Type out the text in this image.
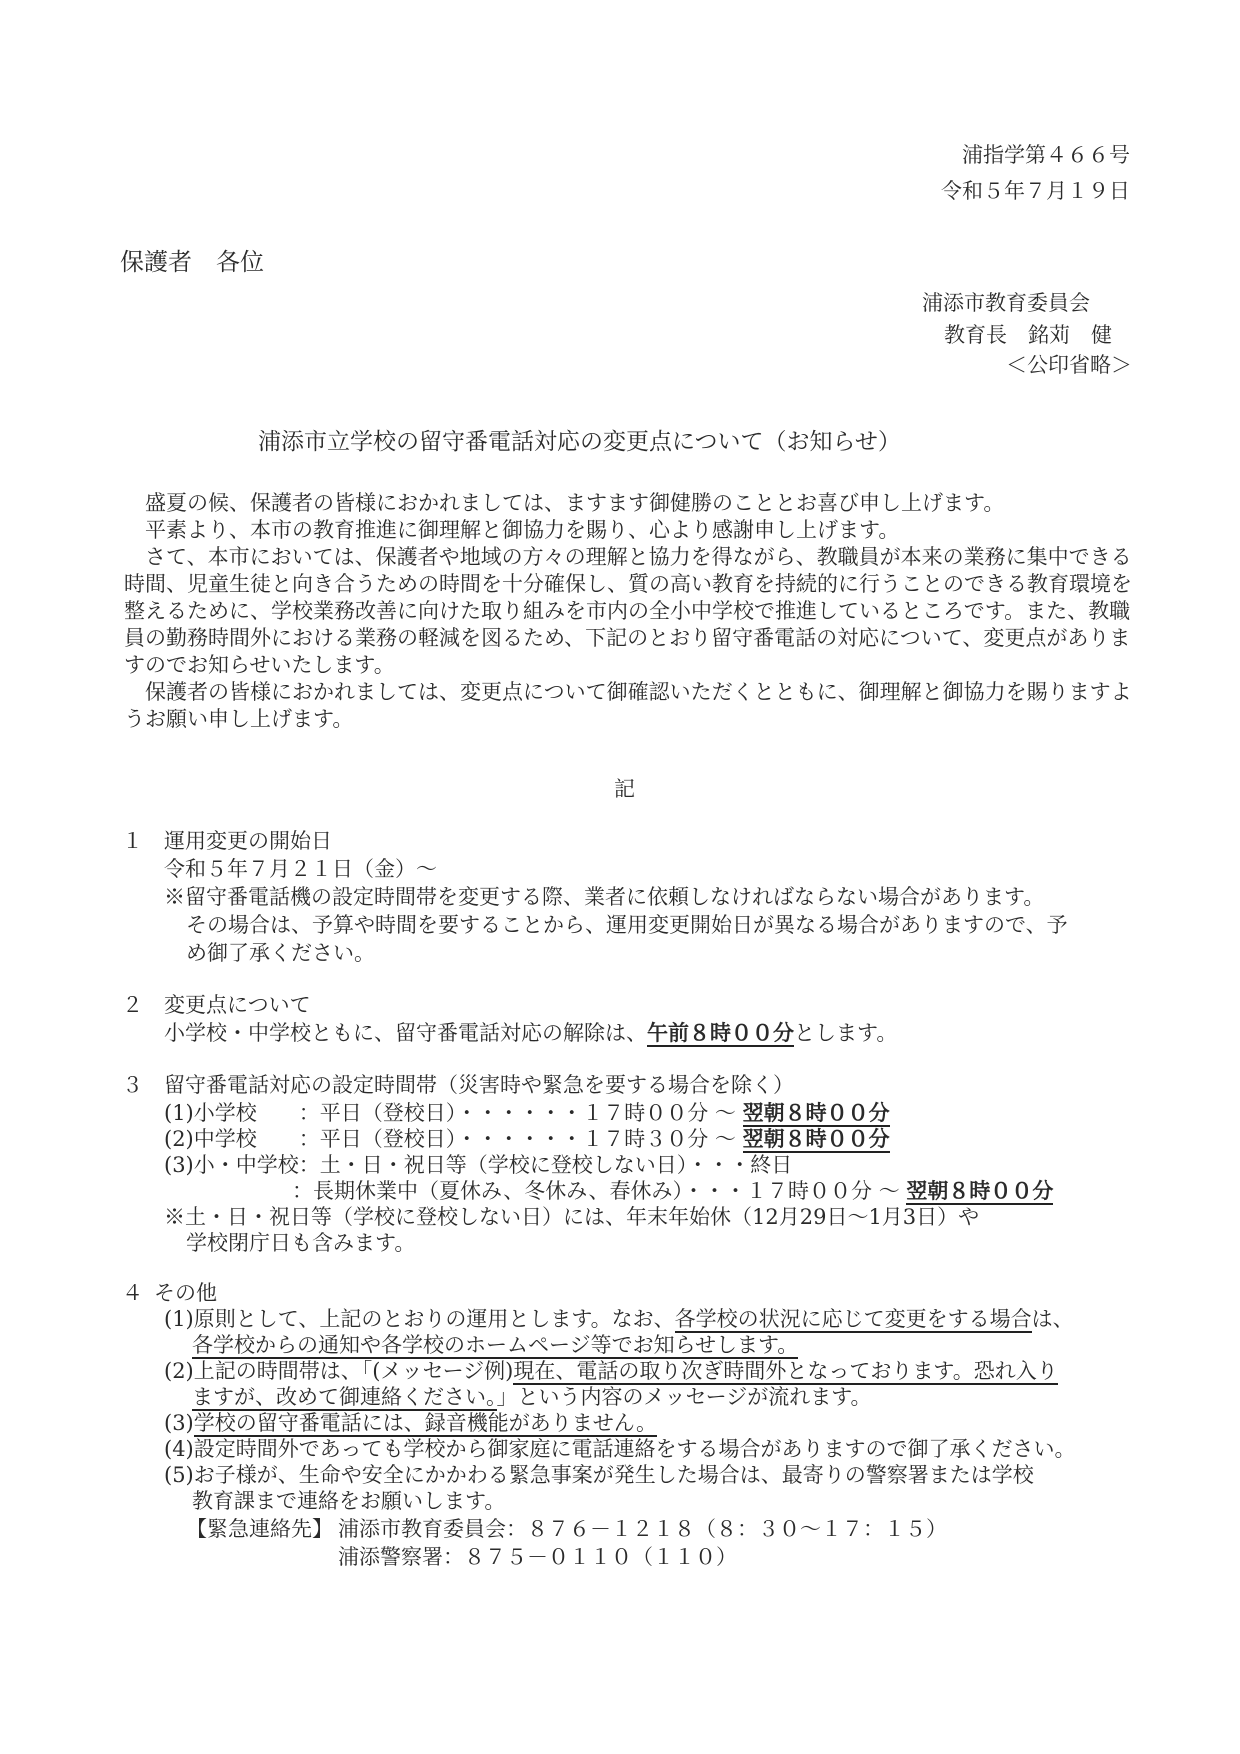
浦指学第４６６号
令和５年７月１９日
保護者　各位
浦添市教育委員会
教育長　銘苅　健
＜公印省略＞
浦添市立学校の留守番電話対応の変更点について（お知らせ）
盛夏の候、保護者の皆様におかれましては、ますます御健勝のこととお喜び申し上げます。
平素より、本市の教育推進に御理解と御協力を賜り、心より感謝申し上げます。
さて、本市においては、保護者や地域の方々の理解と協力を得ながら、教職員が本来の業務に集中できる時間、児童生徒と向き合うための時間を十分確保し、質の高い教育を持続的に行うことのできる教育環境を整えるために、学校業務改善に向けた取り組みを市内の全小中学校で推進しているところです。また、教職員の勤務時間外における業務の軽減を図るため、下記のとおり留守番電話の対応について、変更点がありますのでお知らせいたします。
保護者の皆様におかれましては、変更点について御確認いただくとともに、御理解と御協力を賜りますようお願い申し上げます。
記
１ 運用変更の開始日
令和５年７月２１日（金）～
※留守番電話機の設定時間帯を変更する際、業者に依頼しなければならない場合があります。
その場合は、予算や時間を要することから、運用変更開始日が異なる場合がありますので、予
め御了承ください。
２ 変更点について
小学校・中学校ともに、留守番電話対応の解除は、午前８時００分とします。
３ 留守番電話対応の設定時間帯（災害時や緊急を要する場合を除く）
(1)小学校　　：平日（登校日）・・・・・・１７時００分 ～ 翌朝８時００分
(2)中学校　　：平日（登校日）・・・・・・１７時３０分 ～ 翌朝８時００分
(3)小・中学校：土・日・祝日等（学校に登校しない日）・・・終日
：長期休業中（夏休み、冬休み、春休み）・・・１７時００分 ～ 翌朝８時００分
※土・日・祝日等（学校に登校しない日）には、年末年始休（12月29日～1月3日）や
学校閉庁日も含みます。
４ その他
(1)原則として、上記のとおりの運用とします。なお、各学校の状況に応じて変更をする場合は、
各学校からの通知や各学校のホームページ等でお知らせします。
(2)上記の時間帯は、「(メッセージ例)現在、電話の取り次ぎ時間外となっております。恐れ入り
ますが、改めて御連絡ください。」という内容のメッセージが流れます。
(3)学校の留守番電話には、録音機能がありません。
(4)設定時間外であっても学校から御家庭に電話連絡をする場合がありますので御了承ください。
(5)お子様が、生命や安全にかかわる緊急事案が発生した場合は、最寄りの警察署または学校
教育課まで連絡をお願いします。
【緊急連絡先】 浦添市教育委員会：８７６－１２１８（８：３０～１７：１５）
浦添警察署：８７５－０１１０（１１０）
